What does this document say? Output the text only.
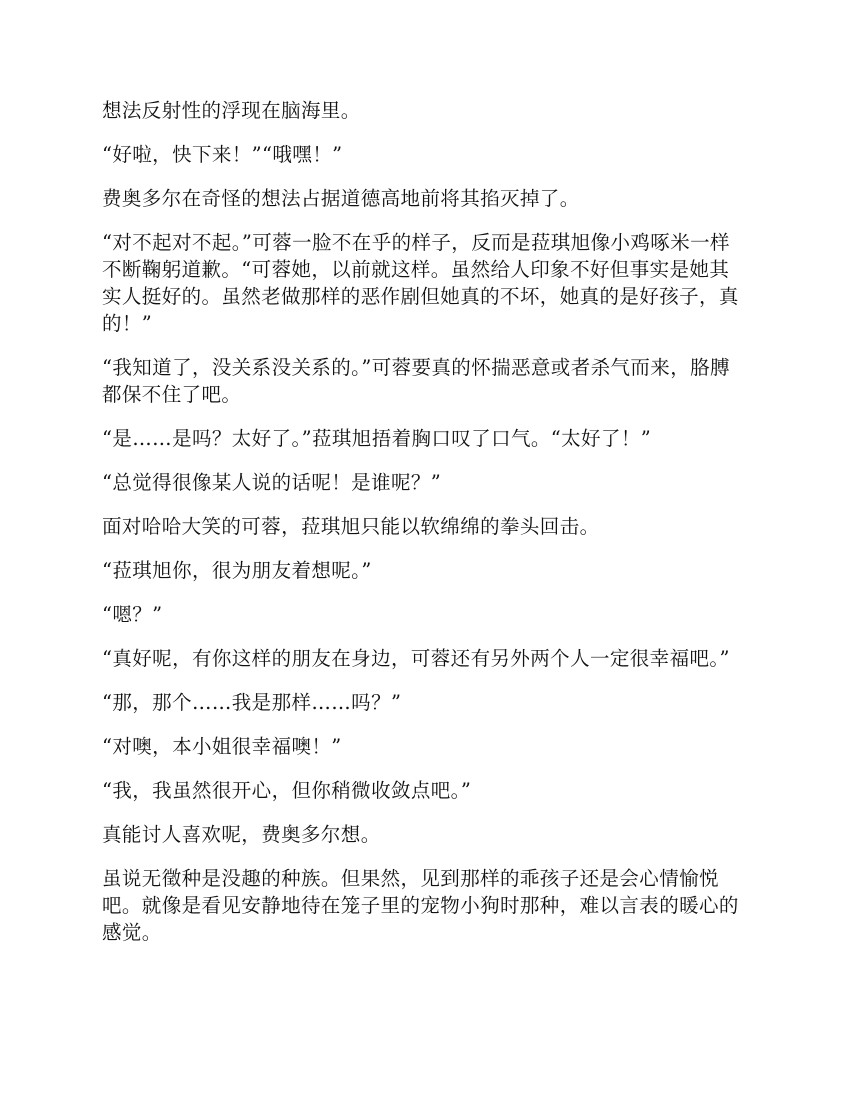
想法反射性的浮现在脑海里。

“好啦，快下来！”“哦嘿！”

费奥多尔在奇怪的想法占据道德高地前将其掐灭掉了。

“对不起对不起。”可蓉一脸不在乎的样子，反而是菈琪旭像小鸡啄米一样不断鞠躬道歉。“可蓉她，以前就这样。虽然给人印象不好但事实是她其实人挺好的。虽然老做那样的恶作剧但她真的不坏，她真的是好孩子，真的！”

“我知道了，没关系没关系的。”可蓉要真的怀揣恶意或者杀气而来，胳膊都保不住了吧。

“是……是吗？太好了。”菈琪旭捂着胸口叹了口气。“太好了！”

“总觉得很像某人说的话呢！是谁呢？”

面对哈哈大笑的可蓉，菈琪旭只能以软绵绵的拳头回击。

“菈琪旭你，很为朋友着想呢。”

“嗯？”

“真好呢，有你这样的朋友在身边，可蓉还有另外两个人一定很幸福吧。”

“那，那个……我是那样……吗？”

“对噢，本小姐很幸福噢！”

“我，我虽然很开心，但你稍微收敛点吧。”

真能讨人喜欢呢，费奥多尔想。

虽说无徵种是没趣的种族。但果然，见到那样的乖孩子还是会心情愉悦吧。就像是看见安静地待在笼子里的宠物小狗时那种，难以言表的暖心的感觉。
